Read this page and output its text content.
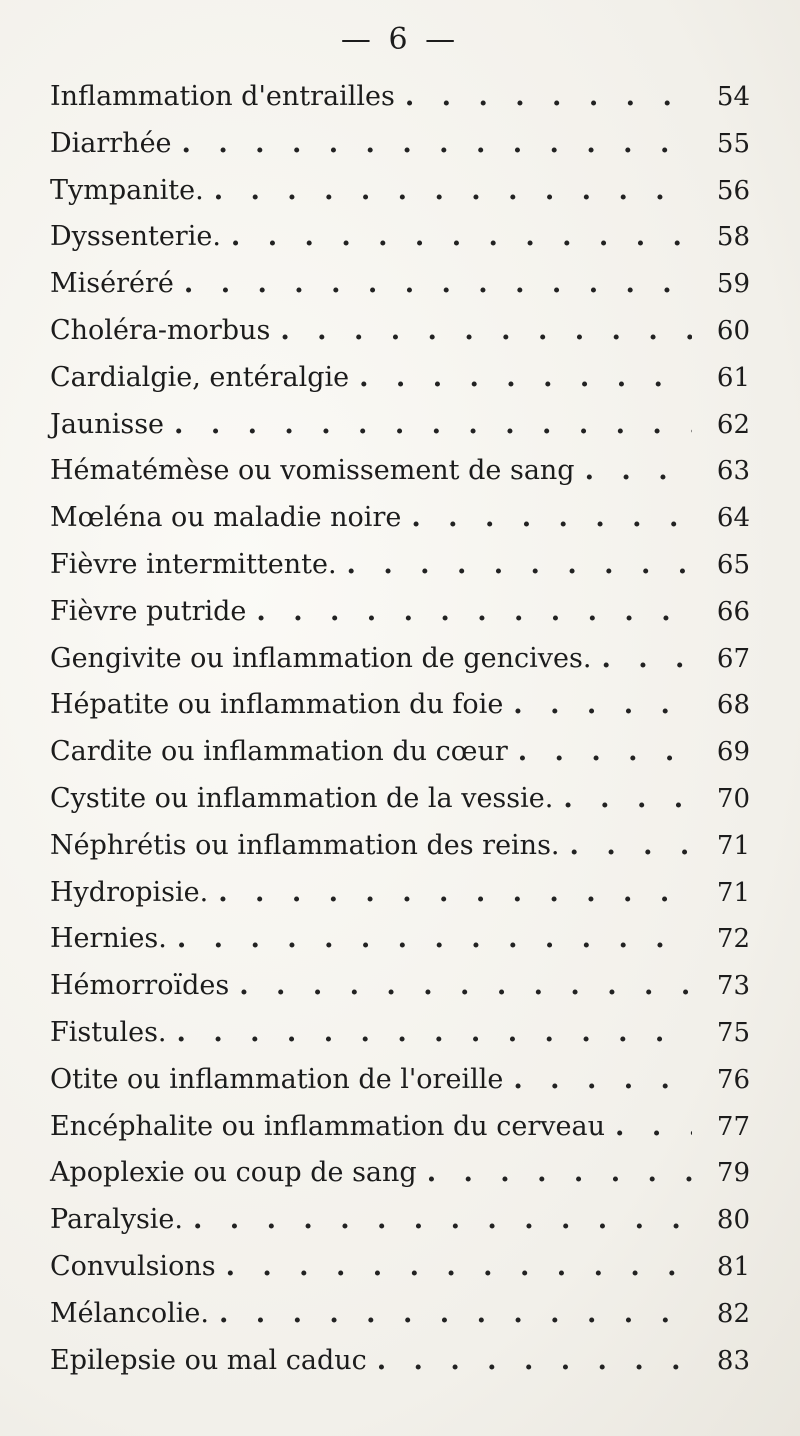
— 6 —
Inflammation d'entrailles . . .	54
Diarrhée . . .	55
Tympanite. . . .	56
Dyssenterie. . . .	58
Miséréré . . .	59
Choléra-morbus . . .	60
Cardialgie, entéralgie . . .	61
Jaunisse . . .	62
Hématémèse ou vomissement de sang . . .	63
Mœléna ou maladie noire . . .	64
Fièvre intermittente. . . .	65
Fièvre putride . . .	66
Gengivite ou inflammation de gencives. . . .	67
Hépatite ou inflammation du foie . . .	68
Cardite ou inflammation du cœur . . .	69
Cystite ou inflammation de la vessie. . . .	70
Néphrétis ou inflammation des reins. . . .	71
Hydropisie. . . .	71
Hernies. . . .	72
Hémorroïdes . . .	73
Fistules. . . .	75
Otite ou inflammation de l'oreille . . .	76
Encéphalite ou inflammation du cerveau . . .	77
Apoplexie ou coup de sang . . .	79
Paralysie. . . .	80
Convulsions . . .	81
Mélancolie. . . .	82
Epilepsie ou mal caduc . . .	83
